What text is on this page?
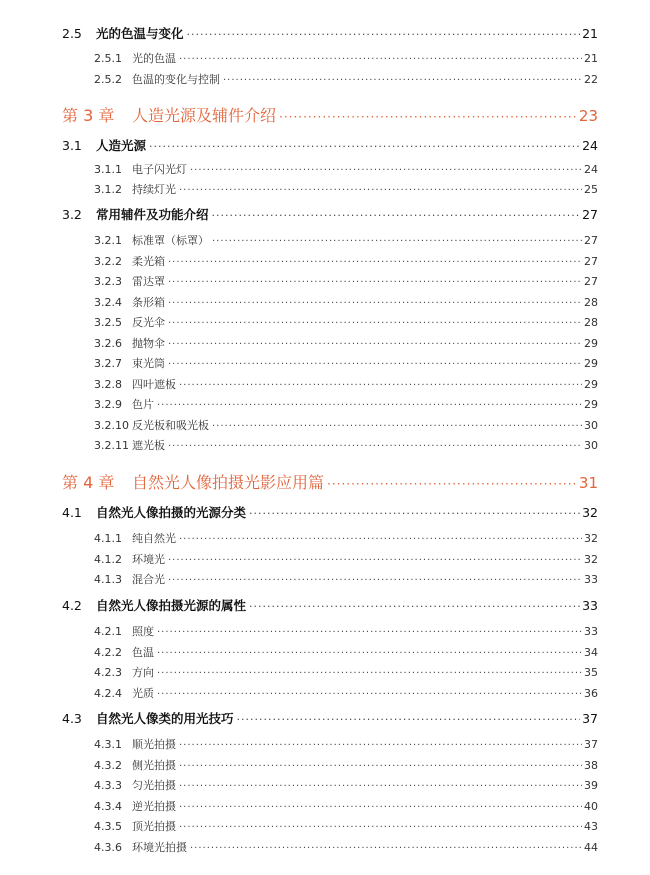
2.5	光的色温与变化 ·····	21
2.5.1 光的色温 ·····	21
2.5.2 色温的变化与控制 ·····	22
第 3 章	人造光源及辅件介绍 ·····	23
3.1	人造光源 ·····	24
3.1.1 电子闪光灯 ·····	24
3.1.2 持续灯光 ·····	25
3.2	常用辅件及功能介绍 ·····	27
3.2.1 标准罩（标罩） ·····	27
3.2.2 柔光箱 ·····	27
3.2.3 雷达罩 ·····	27
3.2.4 条形箱 ·····	28
3.2.5 反光伞 ·····	28
3.2.6 抛物伞 ·····	29
3.2.7 束光筒 ·····	29
3.2.8 四叶遮板 ·····	29
3.2.9 色片 ·····	29
3.2.10 反光板和吸光板 ·····	30
3.2.11 遮光板 ·····	30
第 4 章	自然光人像拍摄光影应用篇 ·····	31
4.1	自然光人像拍摄的光源分类 ·····	32
4.1.1 纯自然光 ·····	32
4.1.2 环境光 ·····	32
4.1.3 混合光 ·····	33
4.2	自然光人像拍摄光源的属性 ·····	33
4.2.1 照度 ·····	33
4.2.2 色温 ·····	34
4.2.3 方向 ·····	35
4.2.4 光质 ·····	36
4.3	自然光人像类的用光技巧 ·····	37
4.3.1 顺光拍摄 ·····	37
4.3.2 侧光拍摄 ·····	38
4.3.3 匀光拍摄 ·····	39
4.3.4 逆光拍摄 ·····	40
4.3.5 顶光拍摄 ·····	43
4.3.6 环境光拍摄 ·····	44
